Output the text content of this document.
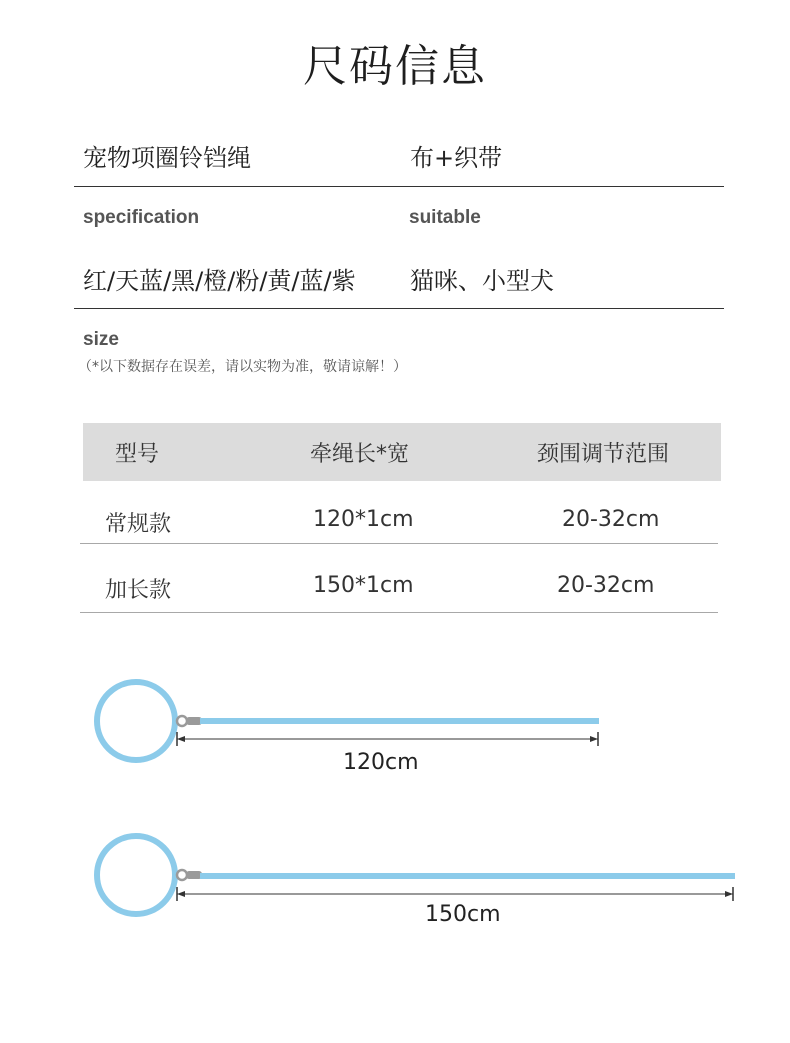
尺码信息
宠物项圈铃铛绳	布+织带
specification	suitable
红/天蓝/黑/橙/粉/黄/蓝/紫 猫咪、小型犬
size
（*以下数据存在误差，请以实物为准，敬请谅解！）
型号	牵绳长*宽	颈围调节范围
常规款	120*1cm	20-32cm
加长款	150*1cm	20-32cm
120cm
150cm
